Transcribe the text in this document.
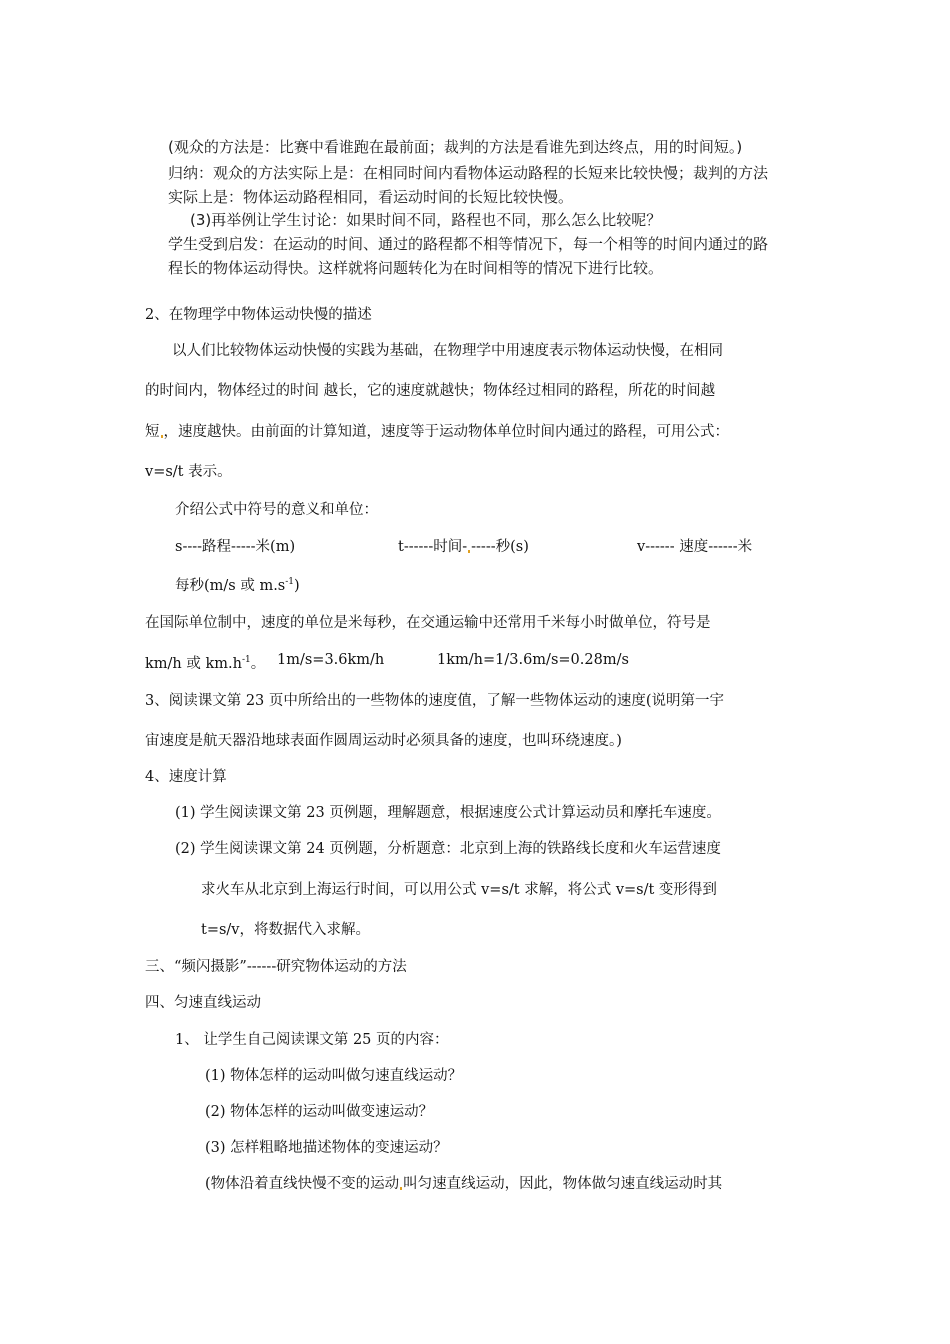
(观众的方法是：比赛中看谁跑在最前面；裁判的方法是看谁先到达终点，用的时间短。)
归纳：观众的方法实际上是：在相同时间内看物体运动路程的长短来比较快慢；裁判的方法
实际上是：物体运动路程相同，看运动时间的长短比较快慢。
(3)再举例让学生讨论：如果时间不同，路程也不同，那么怎么比较呢？
学生受到启发：在运动的时间、通过的路程都不相等情况下，每一个相等的时间内通过的路
程长的物体运动得快。这样就将问题转化为在时间相等的情况下进行比较。
2、在物理学中物体运动快慢的描述
以人们比较物体运动快慢的实践为基础，在物理学中用速度表示物体运动快慢，在相同
的时间内，物体经过的时间 越长，它的速度就越快；物体经过相同的路程，所花的时间越
短 ，速度越快。由前面的计算知道，速度等于运动物体单位时间内通过的路程，可用公式：
v=s/t 表示。
介绍公式中符号的意义和单位：
s----路程-----米(m)	t------时间- -----秒(s)	v------ 速度------米
每秒(m/s 或 $m.s^{-1}$)
在国际单位制中，速度的单位是米每秒，在交通运输中还常用千米每小时做单位，符号是
km/h 或 $km.h^{-1}$。 1m/s=3.6km/h	1km/h=1/3.6m/s=0.28m/s
3、阅读课文第 23 页中所给出的一些物体的速度值，了解一些物体运动的速度(说明第一宇
宙速度是航天器沿地球表面作圆周运动时必须具备的速度，也叫环绕速度。)
4、速度计算
(1) 学生阅读课文第 23 页例题，理解题意，根据速度公式计算运动员和摩托车速度。
(2) 学生阅读课文第 24 页例题，分析题意：北京到上海的铁路线长度和火车运营速度
求火车从北京到上海运行时间，可以用公式 v=s/t 求解，将公式 v=s/t 变形得到
t=s/v，将数据代入求解。
三、“频闪摄影”------研究物体运动的方法
四、匀速直线运动
1、 让学生自己阅读课文第 25 页的内容：
(1) 物体怎样的运动叫做匀速直线运动？
(2) 物体怎样的运动叫做变速运动？
(3) 怎样粗略地描述物体的变速运动？
(物体沿着直线快慢不变的运动 叫匀速直线运动，因此，物体做匀速直线运动时其
